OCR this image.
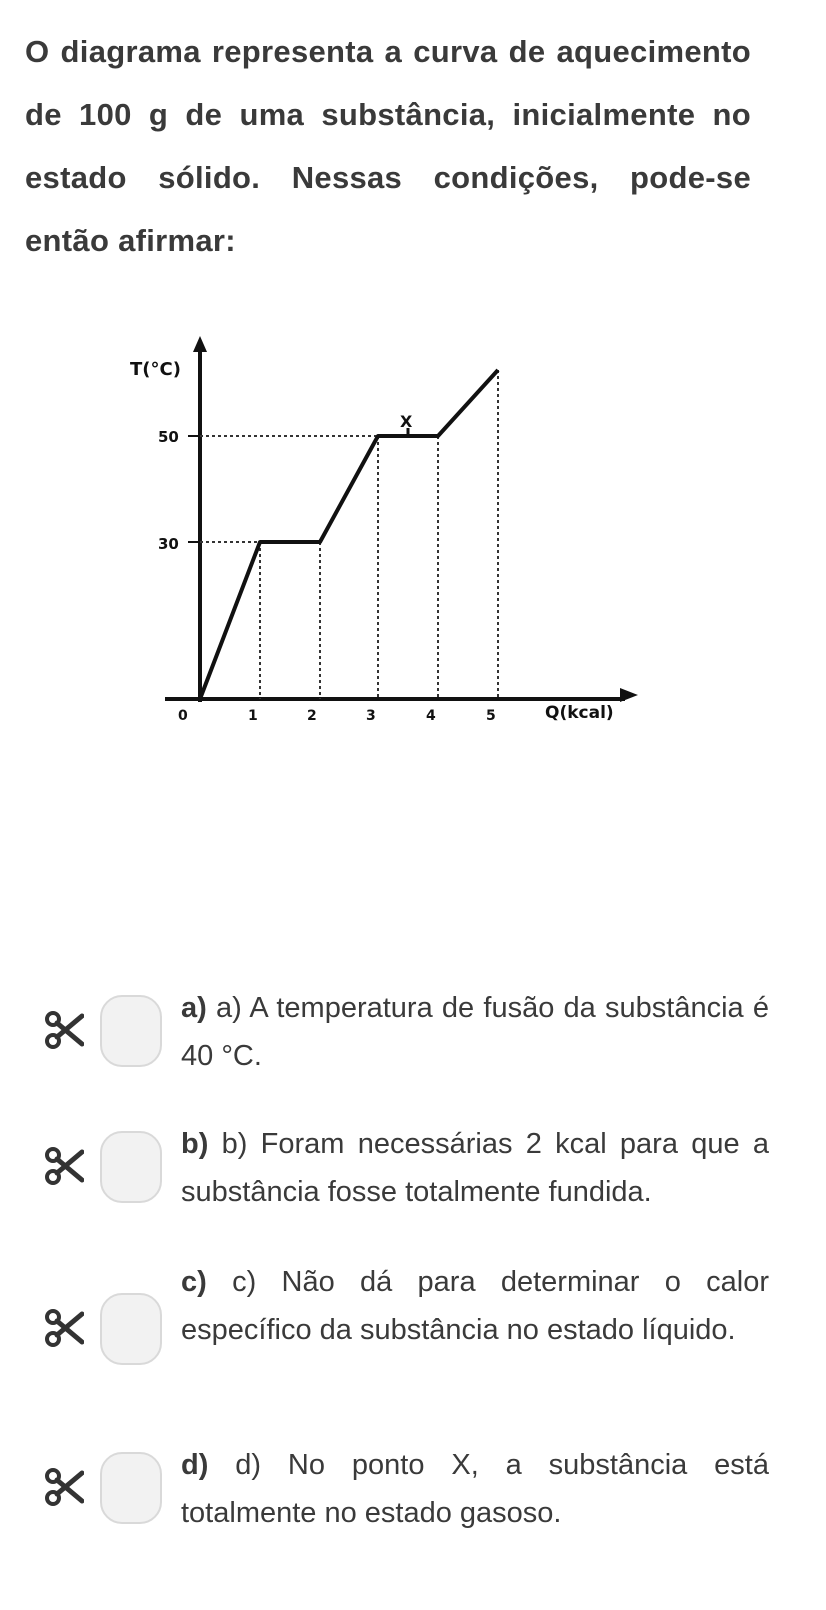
O diagrama representa a curva de aquecimento de 100 g de uma substância, inicialmente no estado sólido. Nessas condições, pode-se então afirmar:
T(°C)
Q(kcal)
50
30
X
0	1	2	3	4	5
a) a) A temperatura de fusão da substância é 40 °C.
b) b) Foram necessárias 2 kcal para que a substância fosse totalmente fundida.
c) c) Não dá para determinar o calor específico da substância no estado líquido.
d) d) No ponto X, a substância está totalmente no estado gasoso.
